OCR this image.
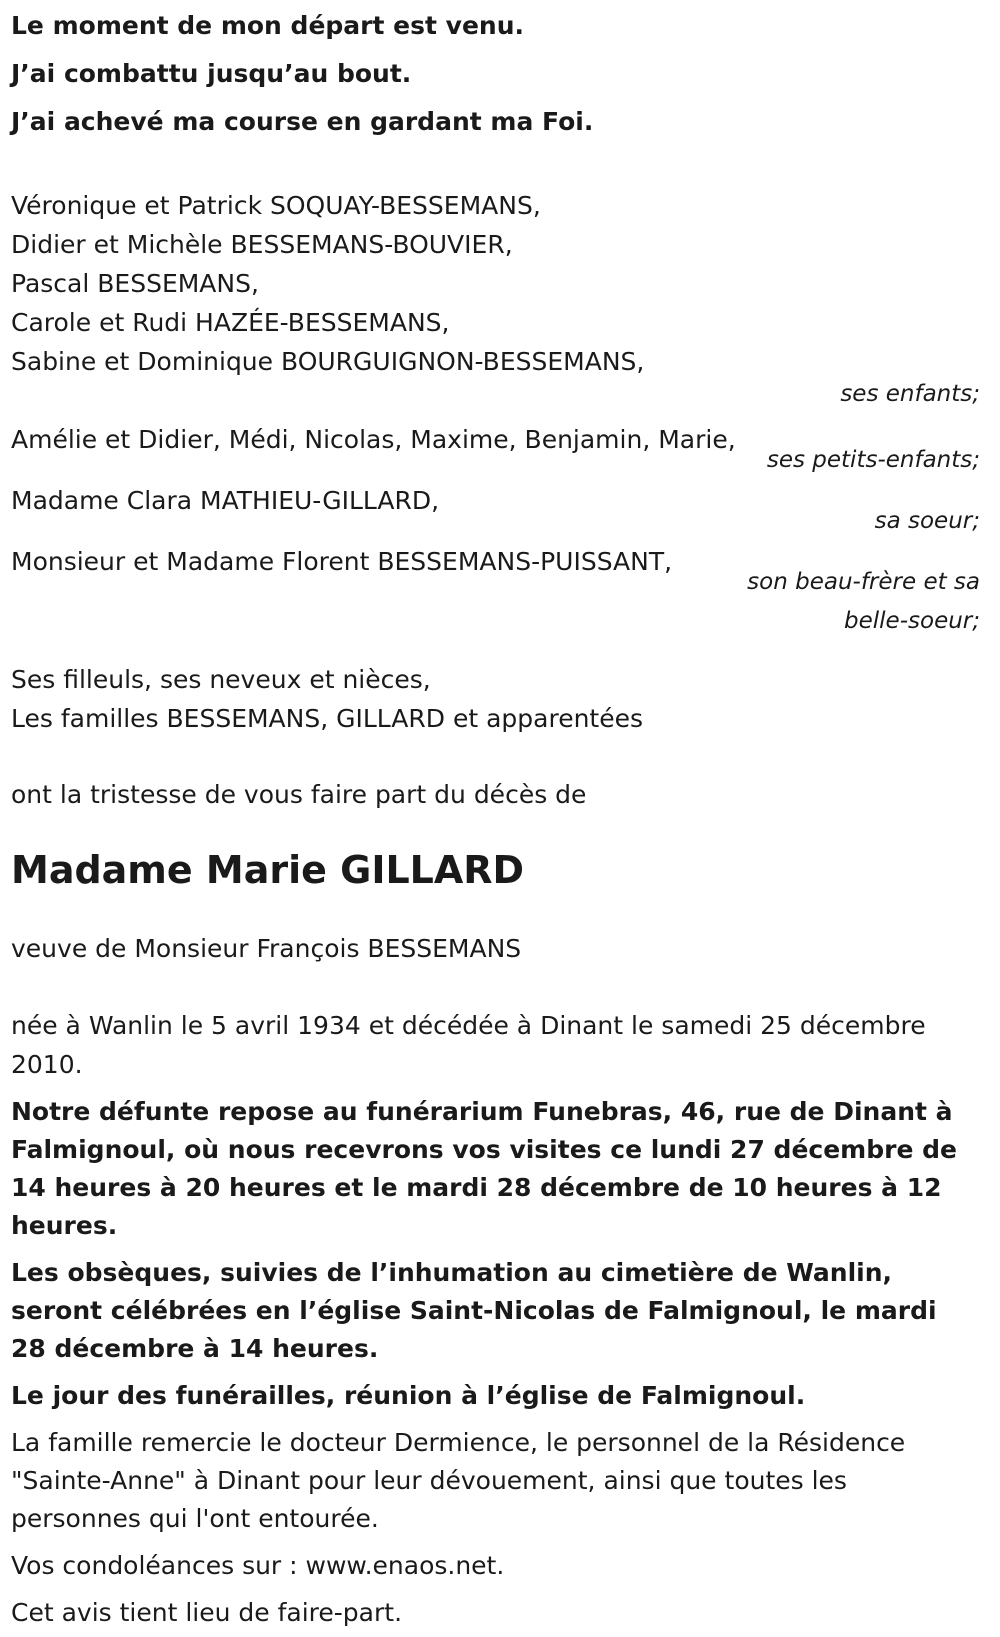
Le moment de mon départ est venu.
J’ai combattu jusqu’au bout.
J’ai achevé ma course en gardant ma Foi.
Véronique et Patrick SOQUAY-BESSEMANS,
Didier et Michèle BESSEMANS-BOUVIER,
Pascal BESSEMANS,
Carole et Rudi HAZÉE-BESSEMANS,
Sabine et Dominique BOURGUIGNON-BESSEMANS,
ses enfants;
Amélie et Didier, Médi, Nicolas, Maxime, Benjamin, Marie,
ses petits-enfants;
Madame Clara MATHIEU-GILLARD,
sa soeur;
Monsieur et Madame Florent BESSEMANS-PUISSANT,
son beau-frère et sa
belle-soeur;
Ses filleuls, ses neveux et nièces,
Les familles BESSEMANS, GILLARD et apparentées
ont la tristesse de vous faire part du décès de
Madame Marie GILLARD
veuve de Monsieur François BESSEMANS
née à Wanlin le 5 avril 1934 et décédée à Dinant le samedi 25 décembre 2010.
Notre défunte repose au funérarium Funebras, 46, rue de Dinant à Falmignoul, où nous recevrons vos visites ce lundi 27 décembre de 14 heures à 20 heures et le mardi 28 décembre de 10 heures à 12 heures.
Les obsèques, suivies de l’inhumation au cimetière de Wanlin, seront célébrées en l’église Saint-Nicolas de Falmignoul, le mardi 28 décembre à 14 heures.
Le jour des funérailles, réunion à l’église de Falmignoul.
La famille remercie le docteur Dermience, le personnel de la Résidence "Sainte-Anne" à Dinant pour leur dévouement, ainsi que toutes les personnes qui l'ont entourée.
Vos condoléances sur : www.enaos.net.
Cet avis tient lieu de faire-part.
